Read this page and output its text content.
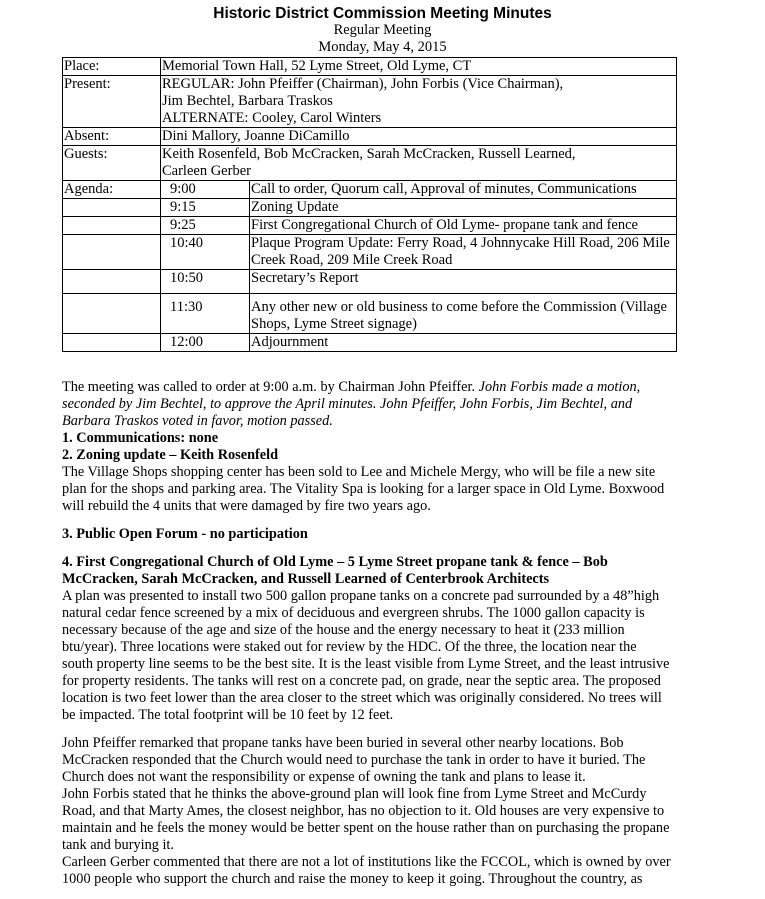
Historic District Commission Meeting Minutes
Regular Meeting
Monday, May 4, 2015
Place:	Memorial Town Hall, 52 Lyme Street, Old Lyme, CT	
Present:	REGULAR: John Pfeiffer (Chairman), John Forbis (Vice Chairman),
Jim Bechtel, Barbara Traskos
ALTERNATE: Cooley, Carol Winters	

Absent:	Dini Mallory, Joanne DiCamillo	
Guests:	Keith Rosenfeld, Bob McCracken, Sarah McCracken, Russell Learned,
Carleen Gerber	

Agenda:	9:00	Call to order, Quorum call, Approval of minutes, Communications
	9:15	Zoning Update
	9:25	First Congregational Church of Old Lyme- propane tank and fence
	10:40	Plaque Program Update: Ferry Road, 4 Johnnycake Hill Road, 206 Mile
Creek Road, 209 Mile Creek Road

	10:50	Secretary’s Report
	11:30	Any other new or old business to come before the Commission (Village
Shops, Lyme Street signage)

	12:00	Adjournment

The meeting was called to order at 9:00 a.m. by Chairman John Pfeiffer. John Forbis made a motion,
seconded by Jim Bechtel, to approve the April minutes. John Pfeiffer, John Forbis, Jim Bechtel, and
Barbara Traskos voted in favor, motion passed.

1. Communications: none

2. Zoning update – Keith Rosenfeld

The Village Shops shopping center has been sold to Lee and Michele Mergy, who will be file a new site
plan for the shops and parking area. The Vitality Spa is looking for a larger space in Old Lyme. Boxwood
will rebuild the 4 units that were damaged by fire two years ago.

3. Public Open Forum - no participation

4. First Congregational Church of Old Lyme – 5 Lyme Street propane tank & fence – Bob
McCracken, Sarah McCracken, and Russell Learned of Centerbrook Architects

A plan was presented to install two 500 gallon propane tanks on a concrete pad surrounded by a 48”high
natural cedar fence screened by a mix of deciduous and evergreen shrubs. The 1000 gallon capacity is
necessary because of the age and size of the house and the energy necessary to heat it (233 million
btu/year). Three locations were staked out for review by the HDC. Of the three, the location near the
south property line seems to be the best site. It is the least visible from Lyme Street, and the least intrusive
for property residents. The tanks will rest on a concrete pad, on grade, near the septic area. The proposed
location is two feet lower than the area closer to the street which was originally considered. No trees will
be impacted. The total footprint will be 10 feet by 12 feet.

John Pfeiffer remarked that propane tanks have been buried in several other nearby locations. Bob
McCracken responded that the Church would need to purchase the tank in order to have it buried. The
Church does not want the responsibility or expense of owning the tank and plans to lease it.

John Forbis stated that he thinks the above-ground plan will look fine from Lyme Street and McCurdy
Road, and that Marty Ames, the closest neighbor, has no objection to it. Old houses are very expensive to
maintain and he feels the money would be better spent on the house rather than on purchasing the propane
tank and burying it.

Carleen Gerber commented that there are not a lot of institutions like the FCCOL, which is owned by over
1000 people who support the church and raise the money to keep it going. Throughout the country, as
